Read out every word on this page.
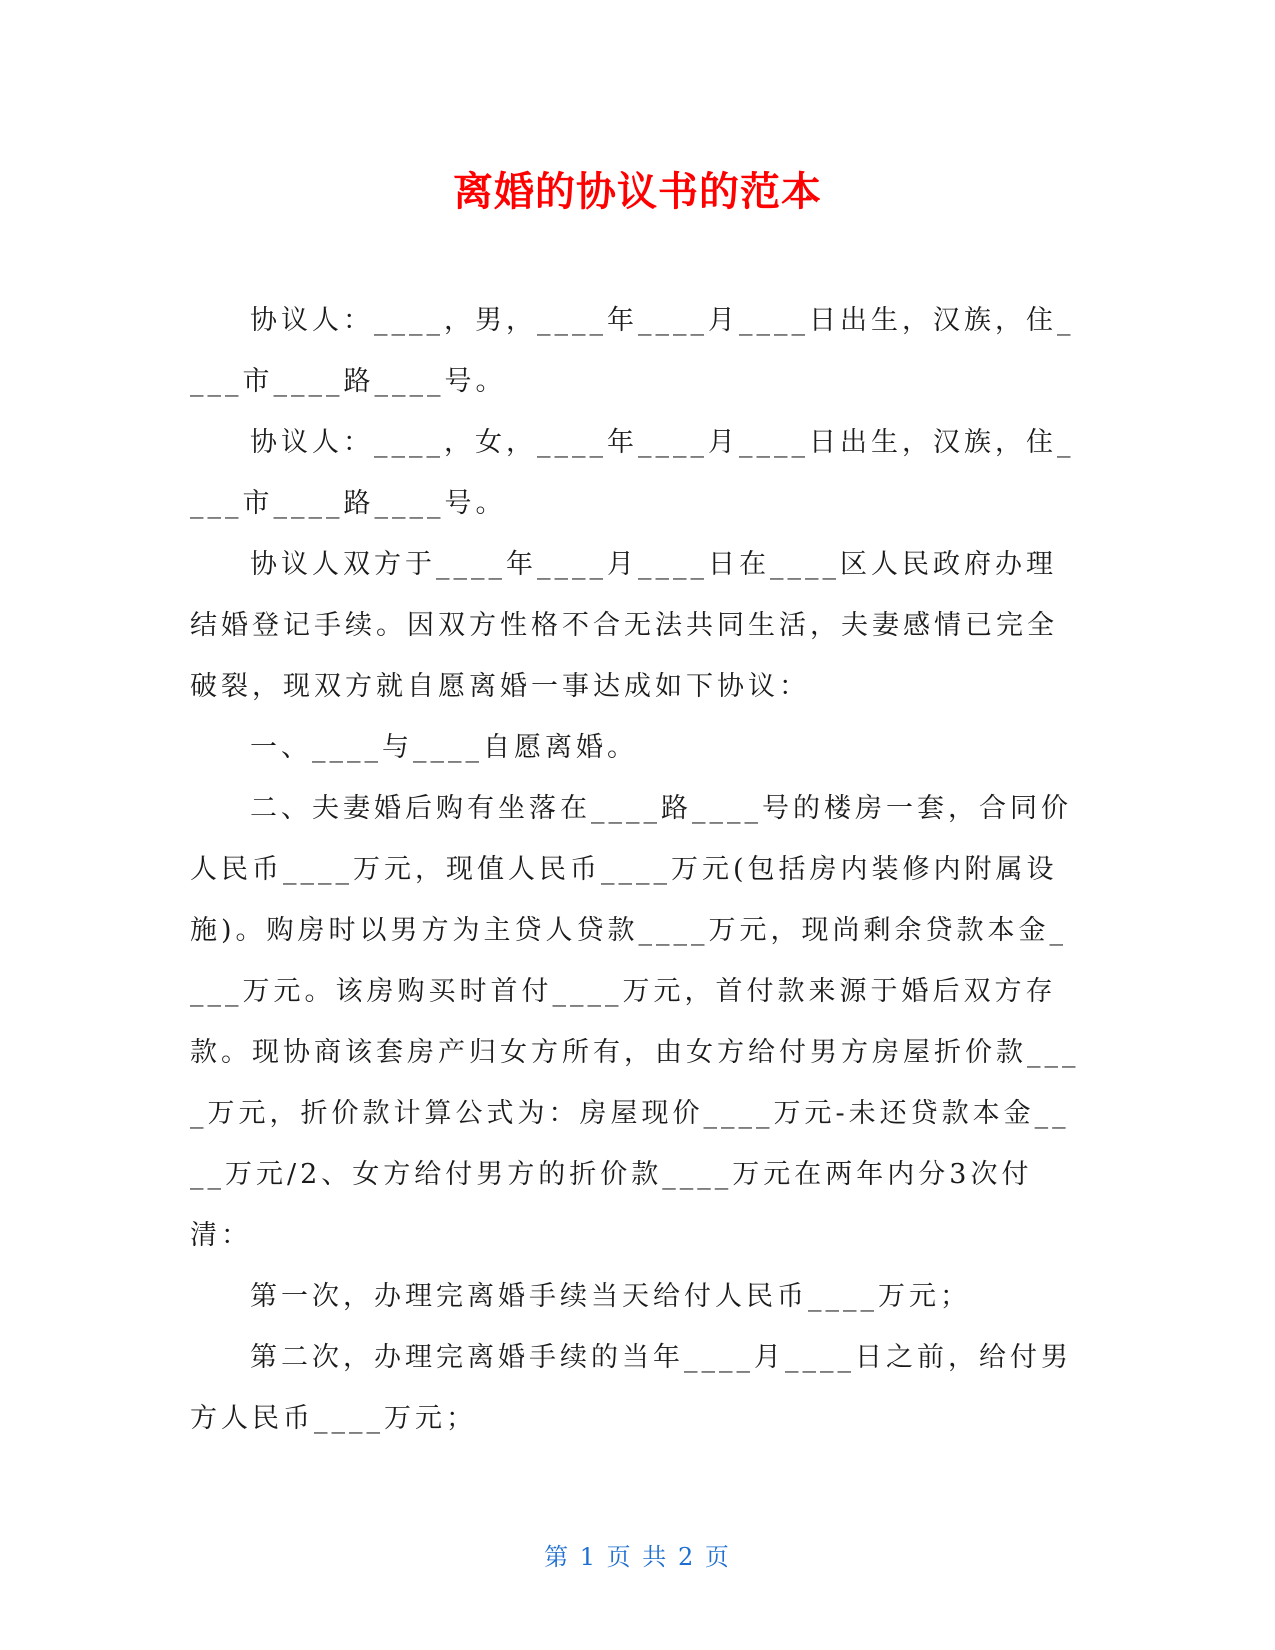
离婚的协议书的范本

协议人：____，男，____年____月____日出生，汉族，住____市____路____号。

协议人：____，女，____年____月____日出生，汉族，住____市____路____号。

协议人双方于____年____月____日在____区人民政府办理结婚登记手续。因双方性格不合无法共同生活，夫妻感情已完全破裂，现双方就自愿离婚一事达成如下协议：

一、____与____自愿离婚。

二、夫妻婚后购有坐落在____路____号的楼房一套，合同价人民币____万元，现值人民币____万元(包括房内装修内附属设施)。购房时以男方为主贷人贷款____万元，现尚剩余贷款本金____万元。该房购买时首付____万元，首付款来源于婚后双方存款。现协商该套房产归女方所有，由女方给付男方房屋折价款____万元，折价款计算公式为：房屋现价____万元-未还贷款本金____万元/2、女方给付男方的折价款____万元在两年内分3次付清：

第一次，办理完离婚手续当天给付人民币____万元；

第二次，办理完离婚手续的当年____月____日之前，给付男方人民币____万元；

第 1 页 共 2 页
